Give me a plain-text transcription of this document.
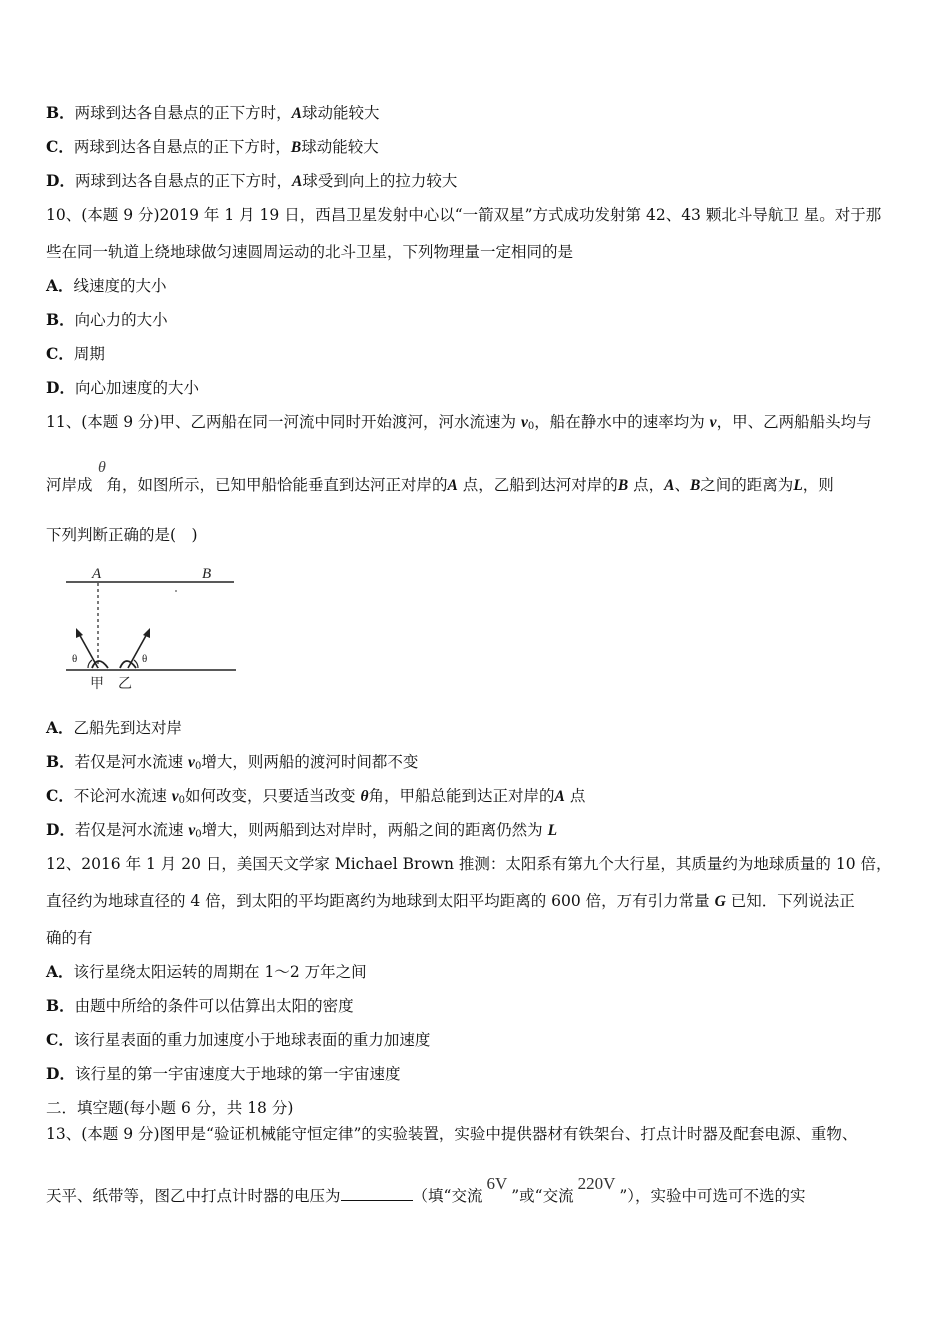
B．两球到达各自悬点的正下方时，A球动能较大
C．两球到达各自悬点的正下方时，B球动能较大
D．两球到达各自悬点的正下方时，A球受到向上的拉力较大
10、(本题 9 分)2019 年 1 月 19 日，西昌卫星发射中心以“一箭双星”方式成功发射第 42、43 颗北斗导航卫 星。对于那
些在同一轨道上绕地球做匀速圆周运动的北斗卫星，下列物理量一定相同的是
A．线速度的大小
B．向心力的大小
C．周期
D．向心加速度的大小
11、(本题 9 分)甲、乙两船在同一河流中同时开始渡河，河水流速为 v0，船在静水中的速率均为 v，甲、乙两船船头均与
θ
河岸成 角，如图所示，已知甲船恰能垂直到达河正对岸的A 点，乙船到达河对岸的B 点，A、B之间的距离为L，则
下列判断正确的是(　)
A	B
θ	θ
甲 乙
A．乙船先到达对岸
B．若仅是河水流速 v0增大，则两船的渡河时间都不变
C．不论河水流速 v0如何改变，只要适当改变 θ角，甲船总能到达正对岸的A 点
D．若仅是河水流速 v0增大，则两船到达对岸时，两船之间的距离仍然为 L
12、2016 年 1 月 20 日，美国天文学家 Michael Brown 推测：太阳系有第九个大行星，其质量约为地球质量的 10 倍，
直径约为地球直径的 4 倍，到太阳的平均距离约为地球到太阳平均距离的 600 倍，万有引力常量 G 已知．下列说法正
确的有
A．该行星绕太阳运转的周期在 1～2 万年之间
B．由题中所给的条件可以估算出太阳的密度
C．该行星表面的重力加速度小于地球表面的重力加速度
D．该行星的第一宇宙速度大于地球的第一宇宙速度
二．填空题(每小题 6 分，共 18 分)
13、(本题 9 分)图甲是“验证机械能守恒定律”的实验装置，实验中提供器材有铁架台、打点计时器及配套电源、重物、
天平、纸带等，图乙中打点计时器的电压为	（填“交流6V”或“交流220V”），实验中可选可不选的实
